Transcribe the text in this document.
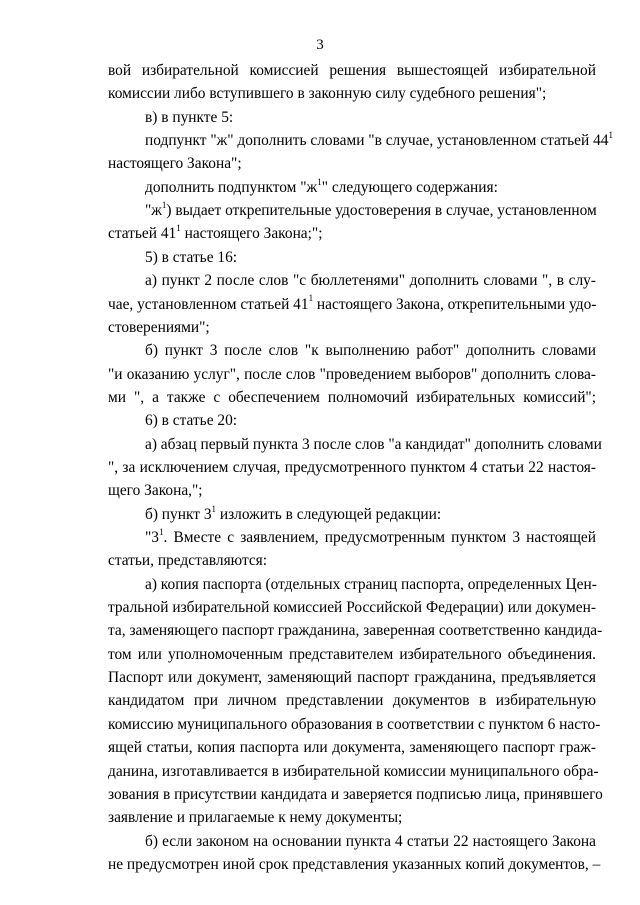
3
вой избирательной комиссией решения вышестоящей избирательной
комиссии либо вступившего в законную силу судебного решения";
в) в пункте 5:
подпункт "ж" дополнить словами "в случае, установленном статьей $44^1$
настоящего Закона";
дополнить подпунктом "$ж^1$" следующего содержания:
"$ж^1$) выдает открепительные удостоверения в случае, установленном
статьей $41^1$ настоящего Закона;";
5) в статье 16:
а) пункт 2 после слов "с бюллетенями" дополнить словами ", в слу-
чае, установленном статьей $41^1$ настоящего Закона, открепительными удо-
стоверениями";
б) пункт 3 после слов "к выполнению работ" дополнить словами
"и оказанию услуг", после слов "проведением выборов" дополнить слова-
ми ", а также с обеспечением полномочий избирательных комиссий";
6) в статье 20:
а) абзац первый пункта 3 после слов "а кандидат" дополнить словами
", за исключением случая, предусмотренного пунктом 4 статьи 22 настоя-
щего Закона,";
б) пункт $3^1$ изложить в следующей редакции:
"$3^1$. Вместе с заявлением, предусмотренным пунктом 3 настоящей
статьи, представляются:
а) копия паспорта (отдельных страниц паспорта, определенных Цен-
тральной избирательной комиссией Российской Федерации) или докумен-
та, заменяющего паспорт гражданина, заверенная соответственно кандида-
том или уполномоченным представителем избирательного объединения.
Паспорт или документ, заменяющий паспорт гражданина, предъявляется
кандидатом при личном представлении документов в избирательную
комиссию муниципального образования в соответствии с пунктом 6 насто-
ящей статьи, копия паспорта или документа, заменяющего паспорт граж-
данина, изготавливается в избирательной комиссии муниципального обра-
зования в присутствии кандидата и заверяется подписью лица, принявшего
заявление и прилагаемые к нему документы;
б) если законом на основании пункта 4 статьи 22 настоящего Закона
не предусмотрен иной срок представления указанных копий документов, –
